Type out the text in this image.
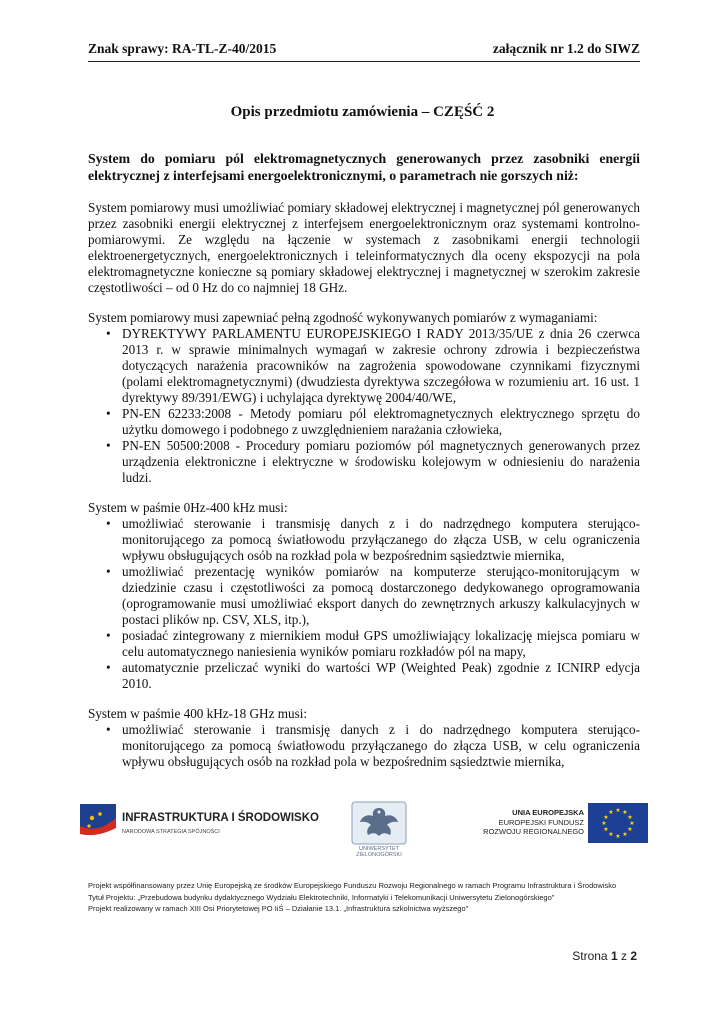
Znak sprawy: RA-TL-Z-40/2015	załącznik nr 1.2 do SIWZ
Opis przedmiotu zamówienia – CZĘŚĆ 2

System do pomiaru pól elektromagnetycznych generowanych przez zasobniki energii elektrycznej z interfejsami energoelektronicznymi, o parametrach nie gorszych niż:

System pomiarowy musi umożliwiać pomiary składowej elektrycznej i magnetycznej pól generowanych przez zasobniki energii elektrycznej z interfejsem energoelektronicznym oraz systemami kontrolno-pomiarowymi. Ze względu na łączenie w systemach z zasobnikami energii technologii elektroenergetycznych, energoelektronicznych i teleinformatycznych dla oceny ekspozycji na pola elektromagnetyczne konieczne są pomiary składowej elektrycznej i magnetycznej w szerokim zakresie częstotliwości – od 0 Hz do co najmniej 18 GHz.

System pomiarowy musi zapewniać pełną zgodność wykonywanych pomiarów z wymaganiami:

• DYREKTYWY PARLAMENTU EUROPEJSKIEGO I RADY 2013/35/UE z dnia 26 czerwca 2013 r. w sprawie minimalnych wymagań w zakresie ochrony zdrowia i bezpieczeństwa dotyczących narażenia pracowników na zagrożenia spowodowane czynnikami fizycznymi (polami elektromagnetycznymi) (dwudziesta dyrektywa szczegółowa w rozumieniu art. 16 ust. 1 dyrektywy 89/391/EWG) i uchylająca dyrektywę 2004/40/WE,
• PN-EN 62233:2008 - Metody pomiaru pól elektromagnetycznych elektrycznego sprzętu do użytku domowego i podobnego z uwzględnieniem narażania człowieka,
• PN-EN 50500:2008 - Procedury pomiaru poziomów pól magnetycznych generowanych przez urządzenia elektroniczne i elektryczne w środowisku kolejowym w odniesieniu do narażenia ludzi.

System w paśmie 0Hz-400 kHz musi:

• umożliwiać sterowanie i transmisję danych z i do nadrzędnego komputera sterująco-monitorującego za pomocą światłowodu przyłączanego do złącza USB, w celu ograniczenia wpływu obsługujących osób na rozkład pola w bezpośrednim sąsiedztwie miernika,
• umożliwiać prezentację wyników pomiarów na komputerze sterująco-monitorującym w dziedzinie czasu i częstotliwości za pomocą dostarczonego dedykowanego oprogramowania (oprogramowanie musi umożliwiać eksport danych do zewnętrznych arkuszy kalkulacyjnych w postaci plików np. CSV, XLS, itp.),
• posiadać zintegrowany z miernikiem moduł GPS umożliwiający lokalizację miejsca pomiaru w celu automatycznego naniesienia wyników pomiaru rozkładów pól na mapy,
• automatycznie przeliczać wyniki do wartości WP (Weighted Peak) zgodnie z ICNIRP edycja 2010.

System w paśmie 400 kHz-18 GHz musi:

• umożliwiać sterowanie i transmisję danych z i do nadrzędnego komputera sterująco-monitorującego za pomocą światłowodu przyłączanego do złącza USB, w celu ograniczenia wpływu obsługujących osób na rozkład pola w bezpośrednim sąsiedztwie miernika,
INFRASTRUKTURA I ŚRODOWISKO
NARODOWA STRATEGIA SPÓJNOŚCI
UNIWERSYTET
ZIELONOGÓRSKI
UNIA EUROPEJSKA
EUROPEJSKI FUNDUSZ
ROZWOJU REGIONALNEGO
★ ★
★
★
★
★
★
★
★
★
★
★

Projekt współfinansowany przez Unię Europejską ze środków Europejskiego Funduszu Rozwoju Regionalnego w ramach Programu Infrastruktura i Środowisko

Tytuł Projektu: „Przebudowa budynku dydaktycznego Wydziału Elektrotechniki, Informatyki i Telekomunikacji Uniwersytetu Zielonogórskiego”

Projekt realizowany w ramach XIII Osi Priorytetowej PO IiŚ – Działanie 13.1. „Infrastruktura szkolnictwa wyższego”

Strona 1 z 2
